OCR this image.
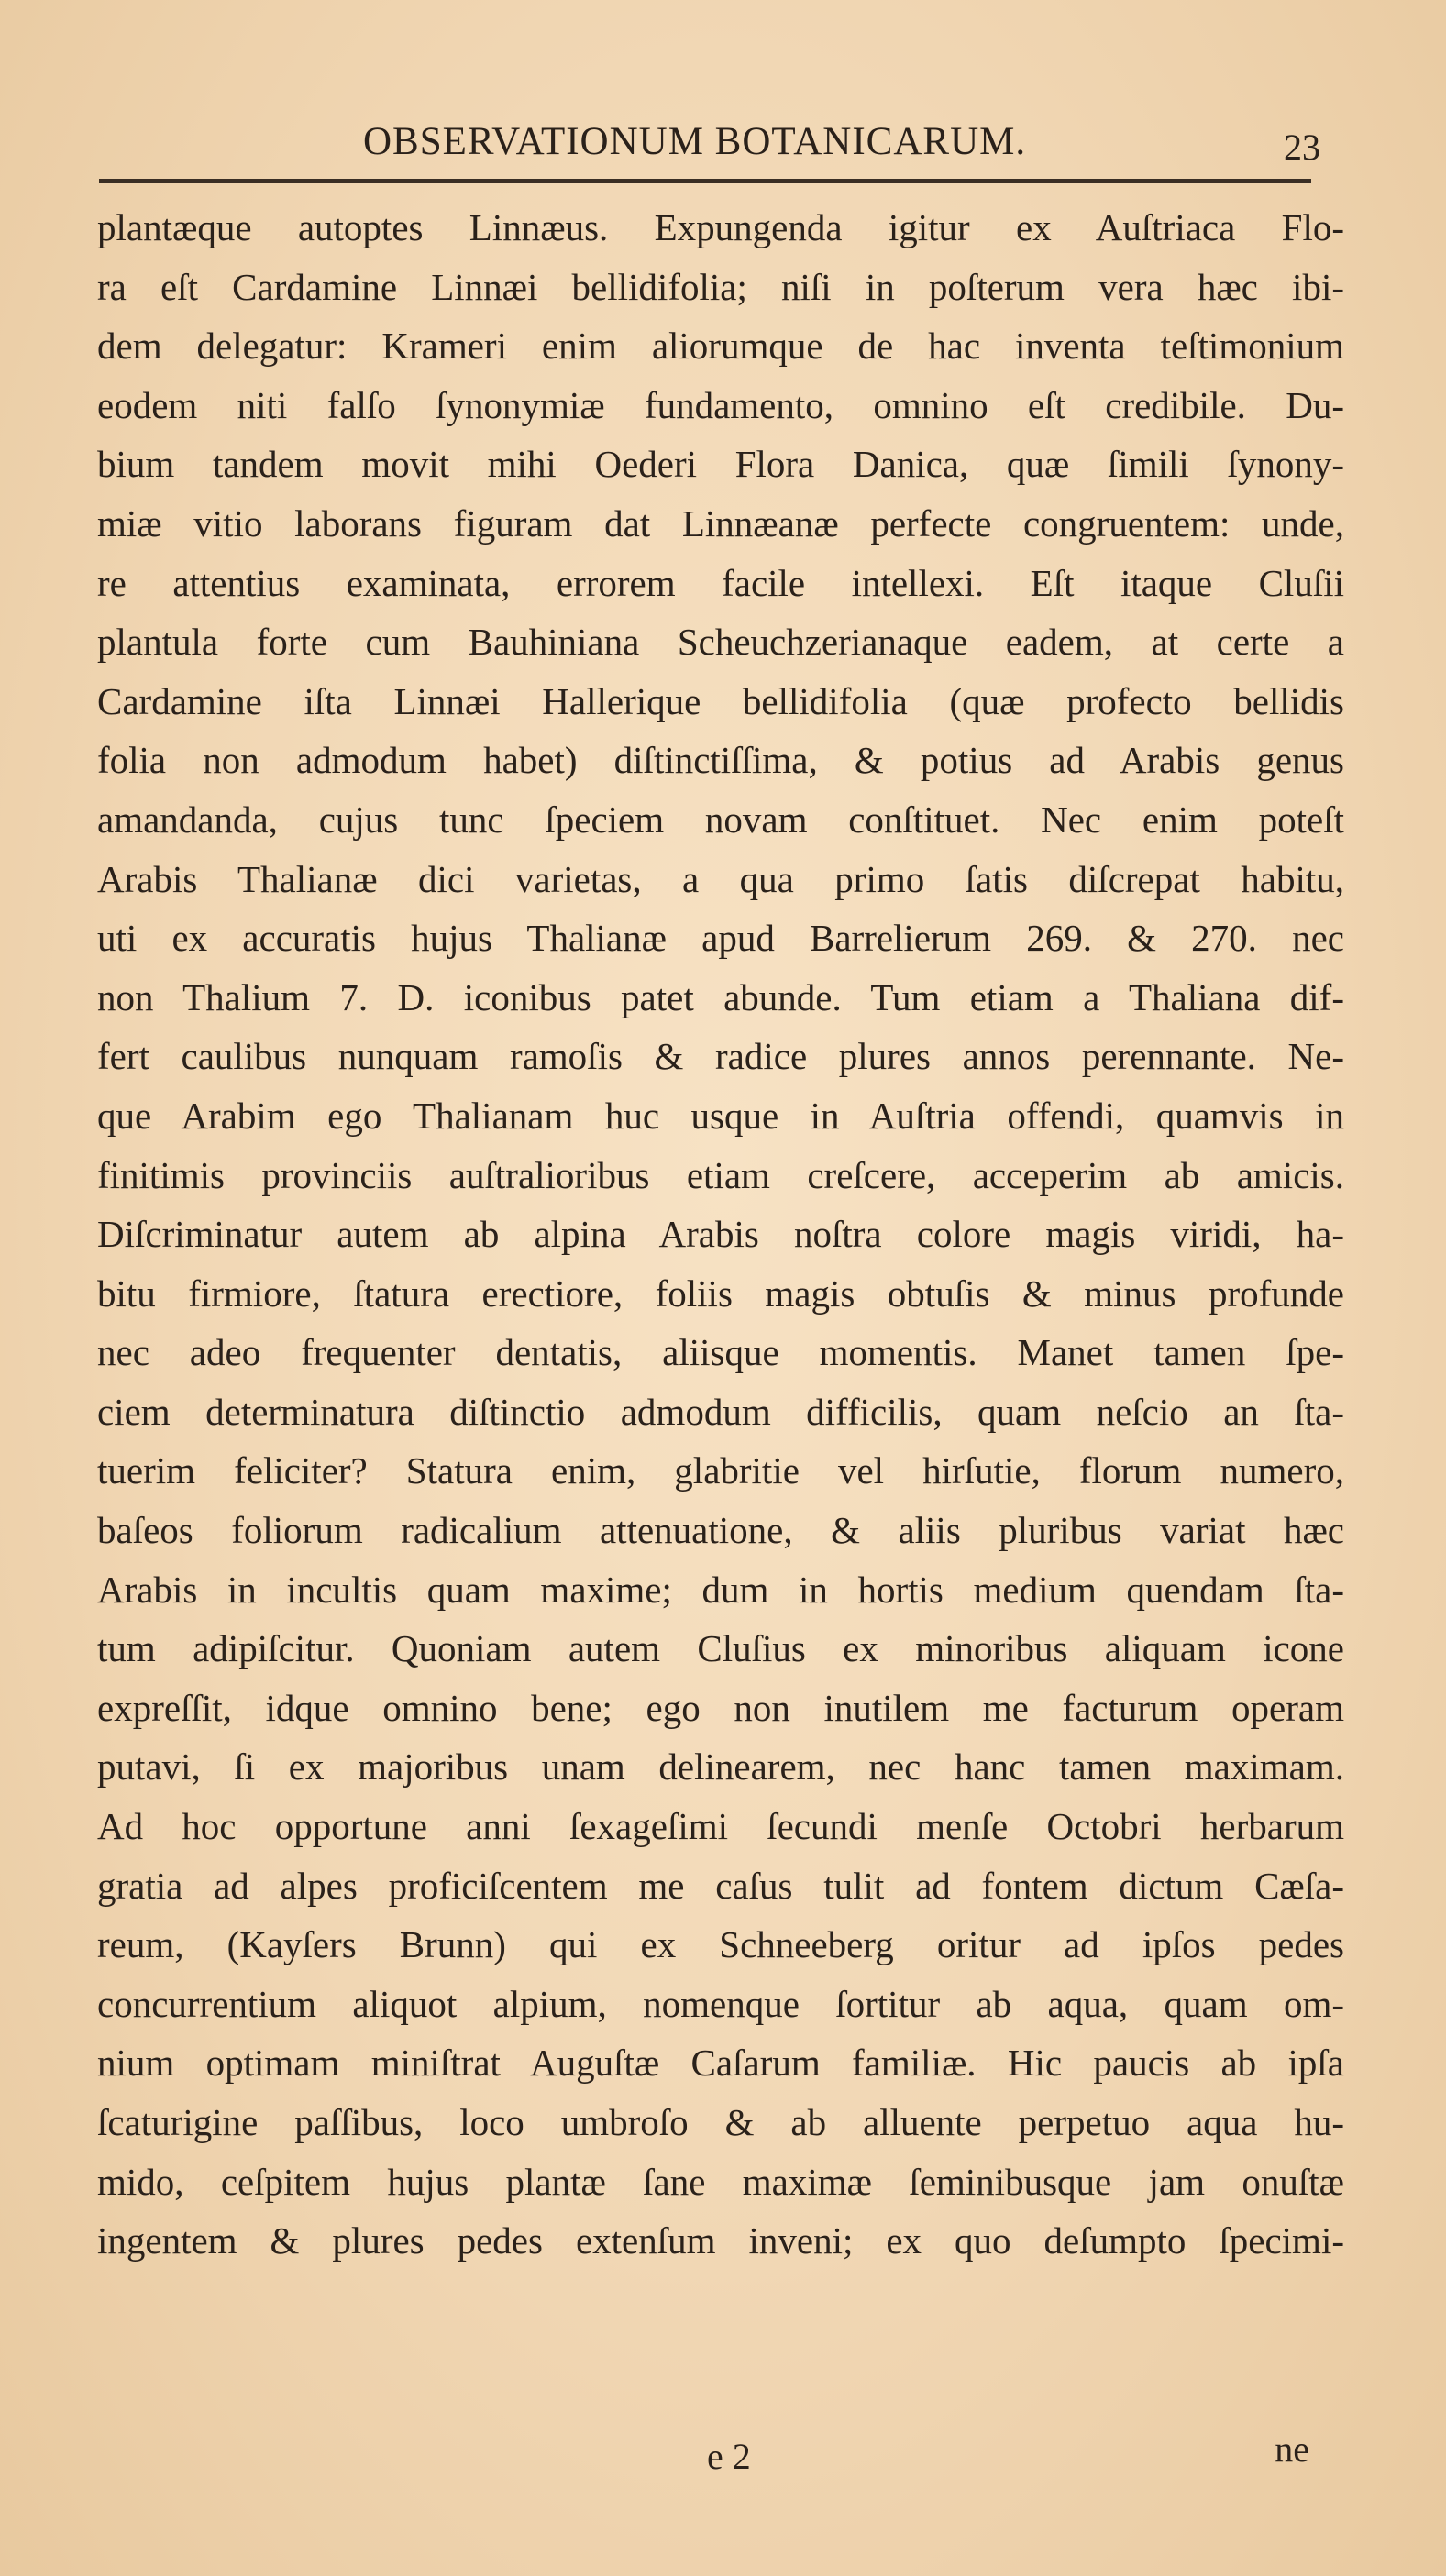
OBSERVATIONUM BOTANICARUM.	23
plantæque autoptes Linnæus. Expungenda igitur ex Auſtriaca Flo-
ra eſt Cardamine Linnæi bellidifolia; niſi in poſterum vera hæc ibi-
dem delegatur: Krameri enim aliorumque de hac inventa teſtimonium
eodem niti falſo ſynonymiæ fundamento, omnino eſt credibile. Du-
bium tandem movit mihi Oederi Flora Danica, quæ ſimili ſynony-
miæ vitio laborans figuram dat Linnæanæ perfecte congruentem: unde,
re attentius examinata, errorem facile intellexi. Eſt itaque Cluſii
plantula forte cum Bauhiniana Scheuchzerianaque eadem, at certe a
Cardamine iſta Linnæi Hallerique bellidifolia (quæ profecto bellidis
folia non admodum habet) diſtinctiſſima, & potius ad Arabis genus
amandanda, cujus tunc ſpeciem novam conſtituet. Nec enim poteſt
Arabis Thalianæ dici varietas, a qua primo ſatis diſcrepat habitu,
uti ex accuratis hujus Thalianæ apud Barrelierum 269. & 270. nec
non Thalium 7. D. iconibus patet abunde. Tum etiam a Thaliana dif-
fert caulibus nunquam ramoſis & radice plures annos perennante. Ne-
que Arabim ego Thalianam huc usque in Auſtria offendi, quamvis in
finitimis provinciis auſtralioribus etiam creſcere, acceperim ab amicis.
Diſcriminatur autem ab alpina Arabis noſtra colore magis viridi, ha-
bitu firmiore, ſtatura erectiore, foliis magis obtuſis & minus profunde
nec adeo frequenter dentatis, aliisque momentis. Manet tamen ſpe-
ciem determinatura diſtinctio admodum difficilis, quam neſcio an ſta-
tuerim feliciter? Statura enim, glabritie vel hirſutie, florum numero,
baſeos foliorum radicalium attenuatione, & aliis pluribus variat hæc
Arabis in incultis quam maxime; dum in hortis medium quendam ſta-
tum adipiſcitur. Quoniam autem Cluſius ex minoribus aliquam icone
expreſſit, idque omnino bene; ego non inutilem me facturum operam
putavi, ſi ex majoribus unam delinearem, nec hanc tamen maximam.
Ad hoc opportune anni ſexageſimi ſecundi menſe Octobri herbarum
gratia ad alpes proficiſcentem me caſus tulit ad fontem dictum Cæſa-
reum, (Kayſers Brunn) qui ex Schneeberg oritur ad ipſos pedes
concurrentium aliquot alpium, nomenque ſortitur ab aqua, quam om-
nium optimam miniſtrat Auguſtæ Caſarum familiæ. Hic paucis ab ipſa
ſcaturigine paſſibus, loco umbroſo & ab alluente perpetuo aqua hu-
mido, ceſpitem hujus plantæ ſane maximæ ſeminibusque jam onuſtæ
ingentem & plures pedes extenſum inveni; ex quo deſumpto ſpecimi-
e 2	ne
